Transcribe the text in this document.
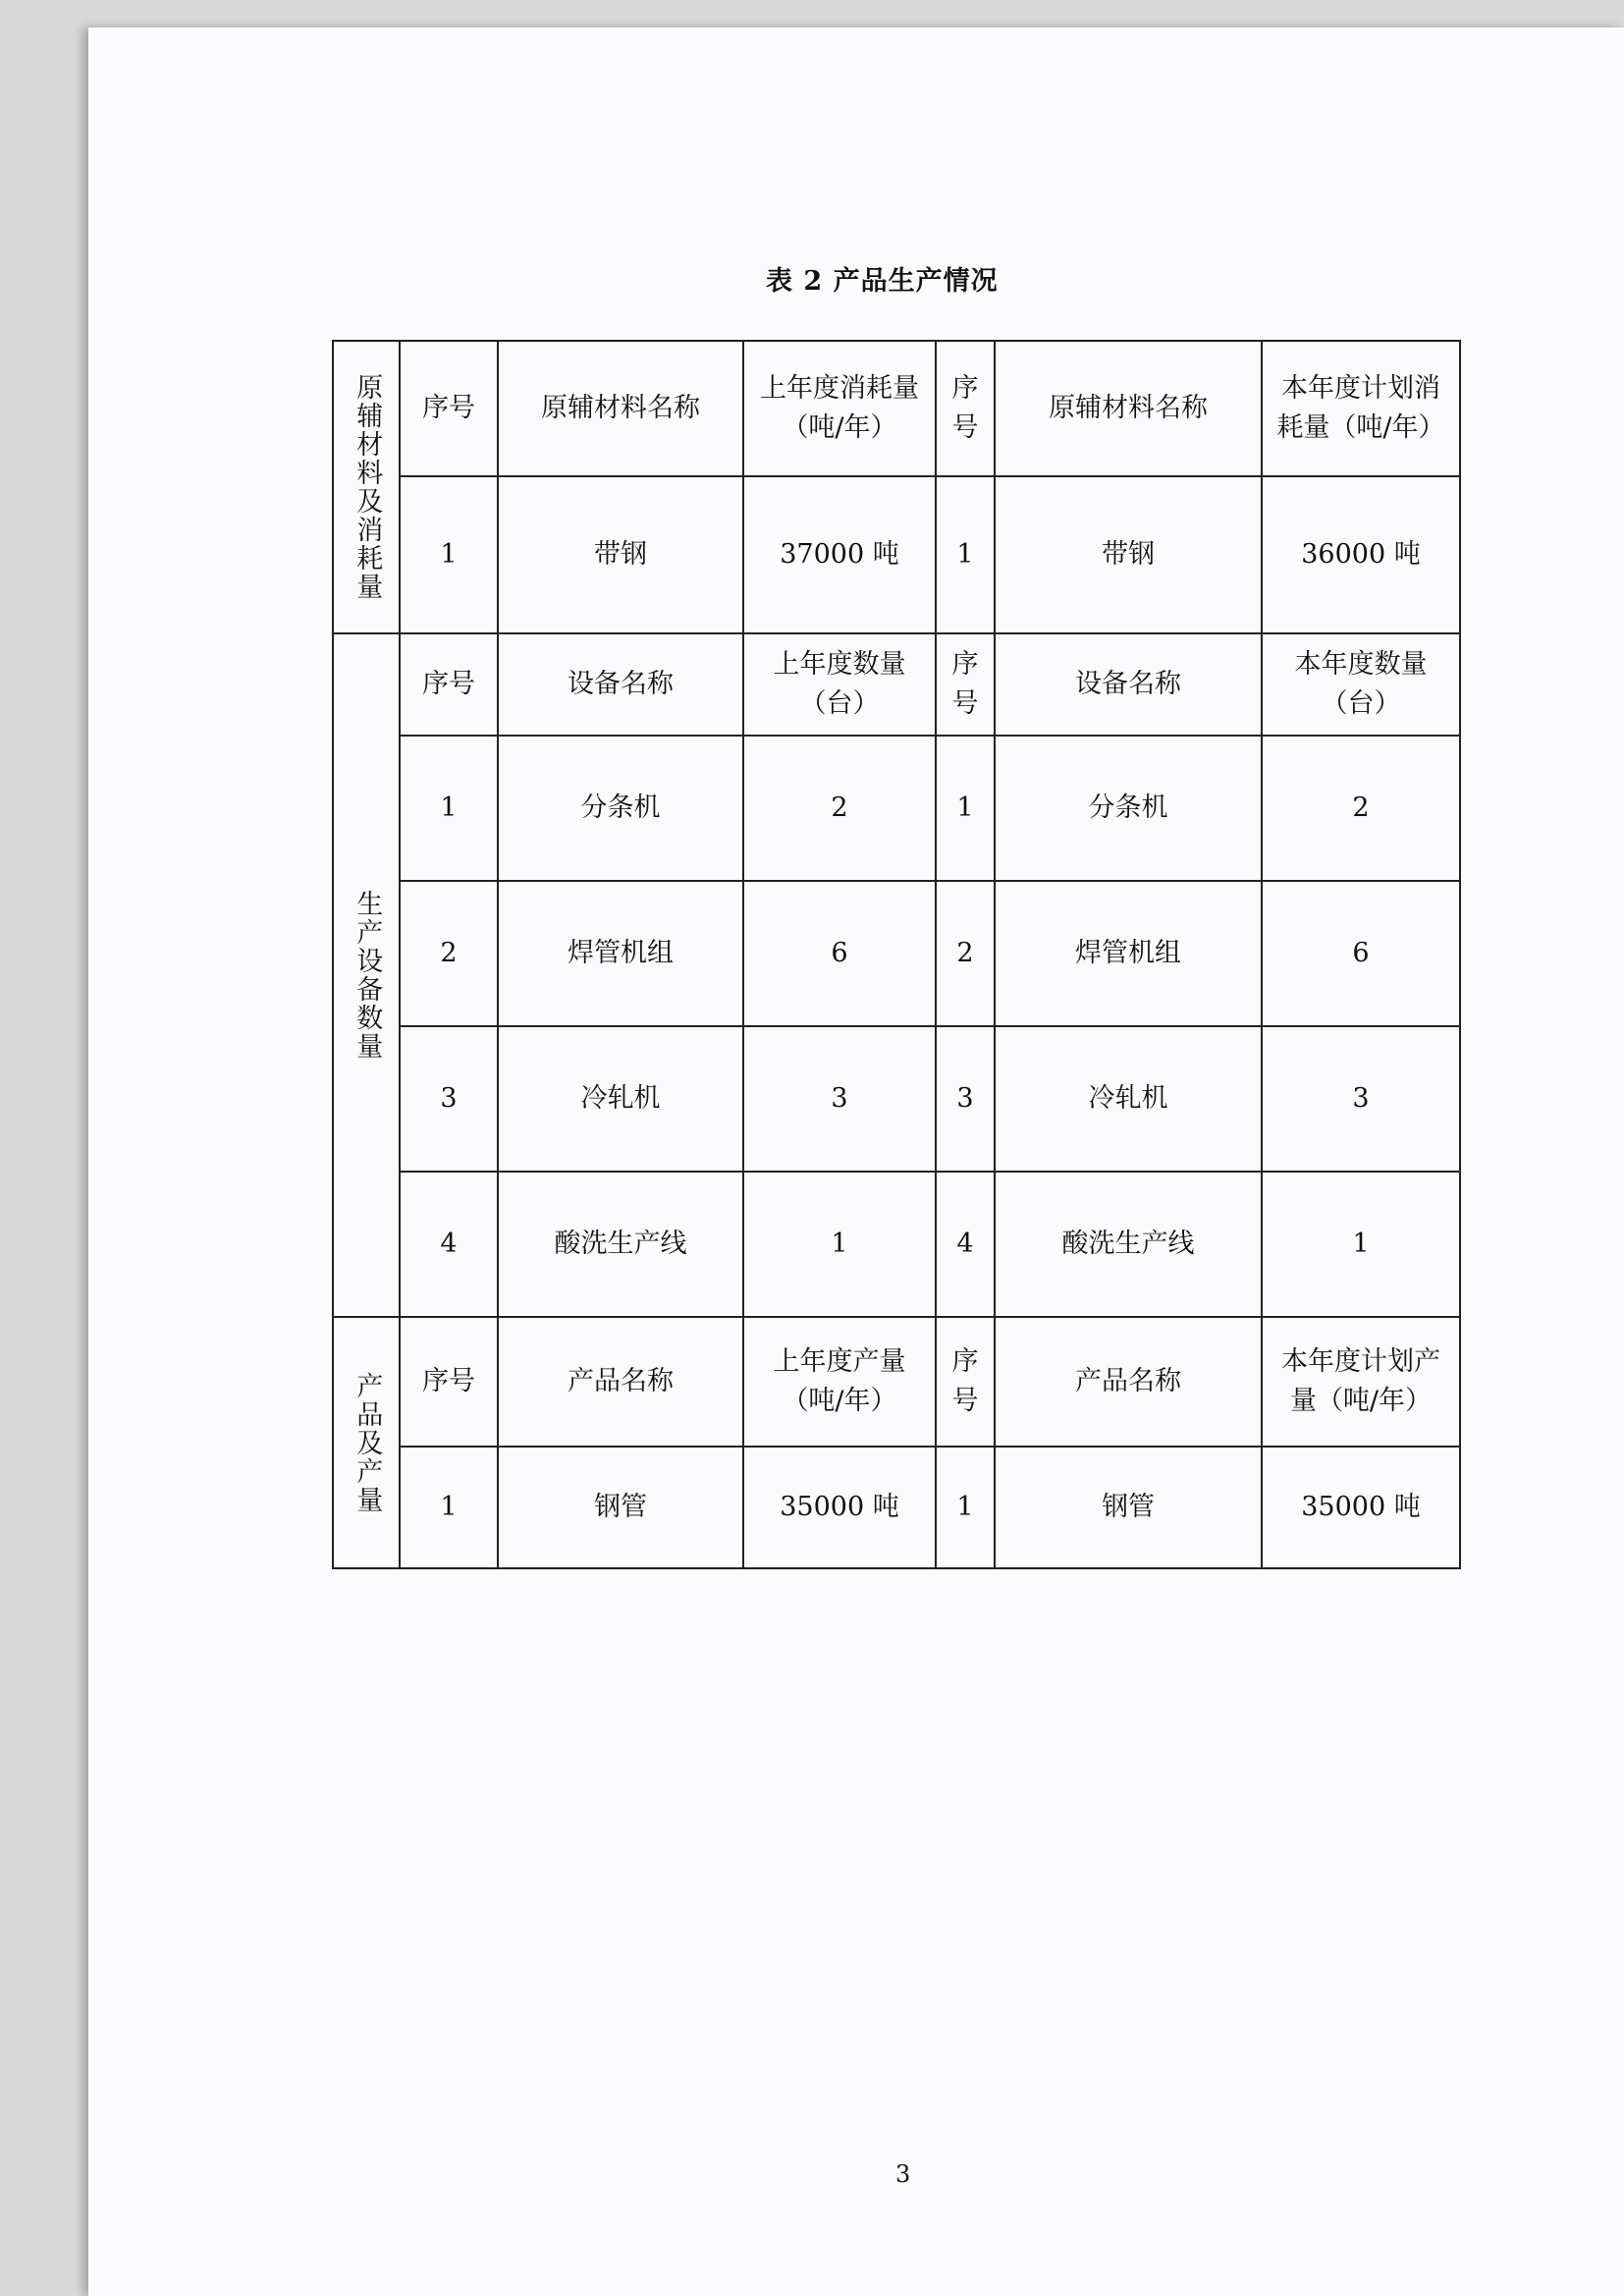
表 2 产品生产情况
原辅材料及消耗量	序号	原辅材料名称	上年度消耗量（吨/年）	序号	原辅材料名称	本年度计划消耗量（吨/年）
	1	带钢	37000 吨	1	带钢	36000 吨
生产设备数量	序号	设备名称	上年度数量（台）	序号	设备名称	本年度数量（台）
	1	分条机	2	1	分条机	2
	2	焊管机组	6	2	焊管机组	6
	3	冷轧机	3	3	冷轧机	3
	4	酸洗生产线	1	4	酸洗生产线	1
产品及产量	序号	产品名称	上年度产量（吨/年）	序号	产品名称	本年度计划产量（吨/年）
	1	钢管	35000 吨	1	钢管	35000 吨
3
